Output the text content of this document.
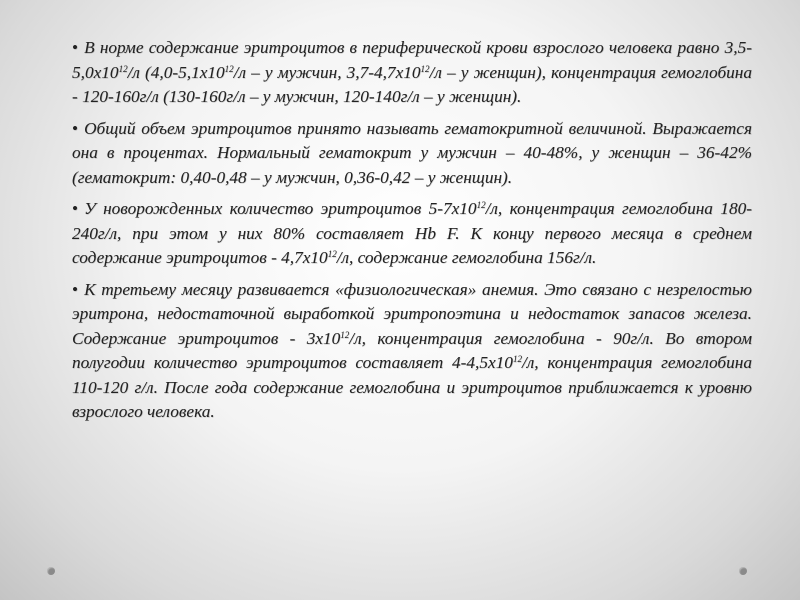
• В норме содержание эритроцитов в периферической крови взрослого человека равно $3,5-5,0х10^{12}/л$ ($4,0-5,1х10^{12}/л$ – у мужчин, $3,7-4,7х10^{12}/л$ – у женщин), концентрация гемоглобина - 120-160г/л (130-160г/л – у мужчин, 120-140г/л – у женщин).

• Общий объем эритроцитов принято называть гематокритной величиной. Выражается она в процентах. Нормальный гематокрит у мужчин – 40-48%, у женщин – 36-42% (гематокрит: 0,40-0,48 – у мужчин, 0,36-0,42 – у женщин).

• У новорожденных количество эритроцитов $5-7х10^{12}/л$, концентрация гемоглобина 180-240г/л, при этом у них 80% составляет Hb F. К концу первого месяца в среднем содержание эритроцитов - $4,7х10^{12}/л$, содержание гемоглобина 156г/л.

• К третьему месяцу развивается «физиологическая» анемия. Это связано с незрелостью эритрона, недостаточной выработкой эритропоэтина и недостаток запасов железа. Содержание эритроцитов - $3х10^{12}/л$, концентрация гемоглобина - 90г/л. Во втором полугодии количество эритроцитов составляет $4-4,5х10^{12}/л$, концентрация гемоглобина 110-120 г/л. После года содержание гемоглобина и эритроцитов приближается к уровню взрослого человека.
